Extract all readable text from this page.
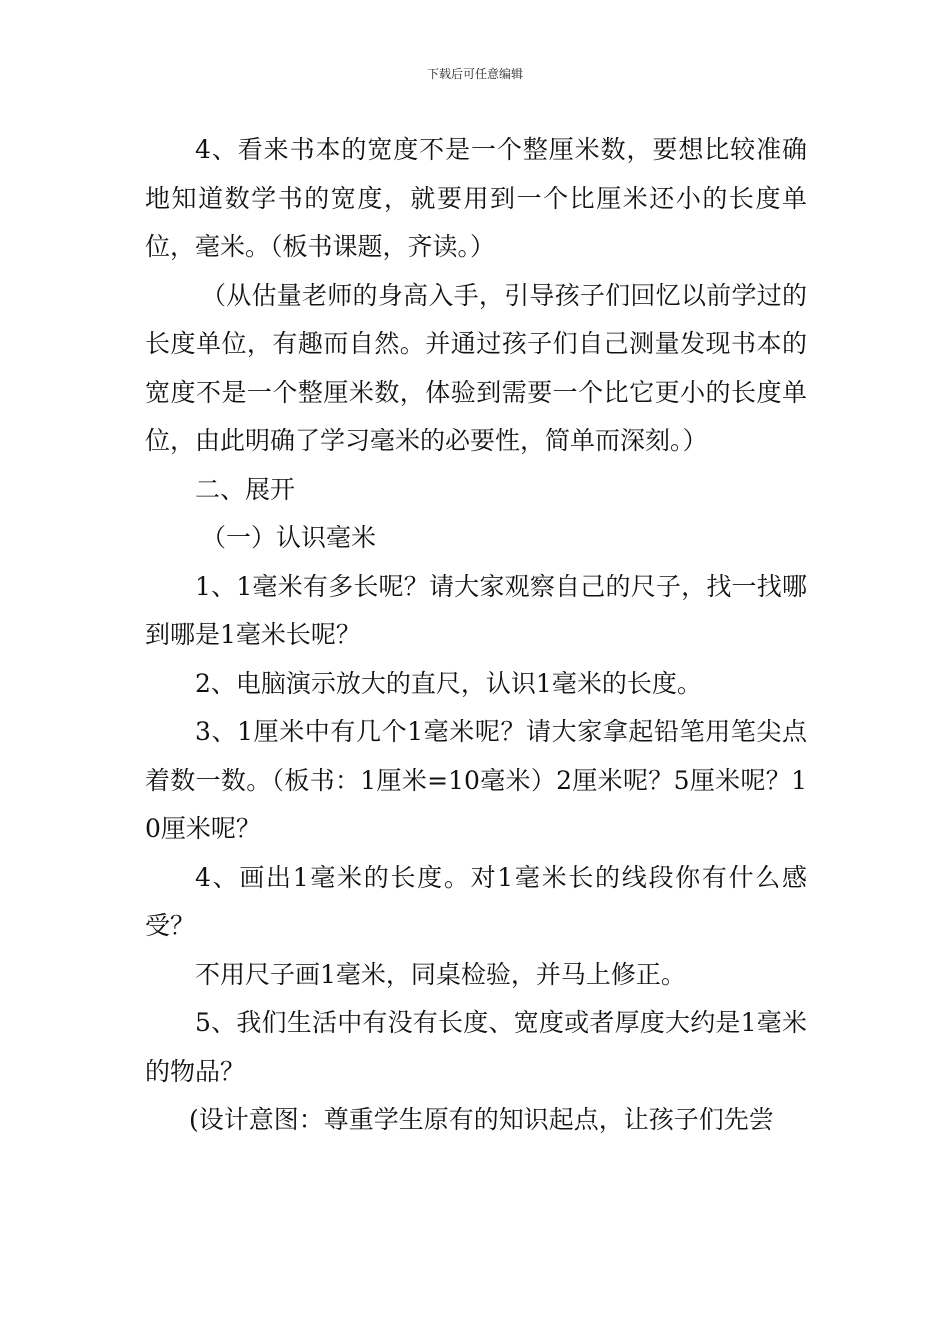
下载后可任意编辑

4、看来书本的宽度不是一个整厘米数，要想比较准确地知道数学书的宽度，就要用到一个比厘米还小的长度单位，毫米。（板书课题，齐读。）

（从估量老师的身高入手，引导孩子们回忆以前学过的长度单位，有趣而自然。并通过孩子们自己测量发现书本的宽度不是一个整厘米数，体验到需要一个比它更小的长度单位，由此明确了学习毫米的必要性，简单而深刻。）

二、展开

（一）认识毫米

1、1毫米有多长呢？请大家观察自己的尺子，找一找哪到哪是1毫米长呢？

2、电脑演示放大的直尺，认识1毫米的长度。

3、1厘米中有几个1毫米呢？请大家拿起铅笔用笔尖点着数一数。（板书：1厘米=10毫米）2厘米呢？5厘米呢？10厘米呢？

4、画出1毫米的长度。对1毫米长的线段你有什么感受？

不用尺子画1毫米，同桌检验，并马上修正。

5、我们生活中有没有长度、宽度或者厚度大约是1毫米的物品？

(设计意图：尊重学生原有的知识起点，让孩子们先尝
